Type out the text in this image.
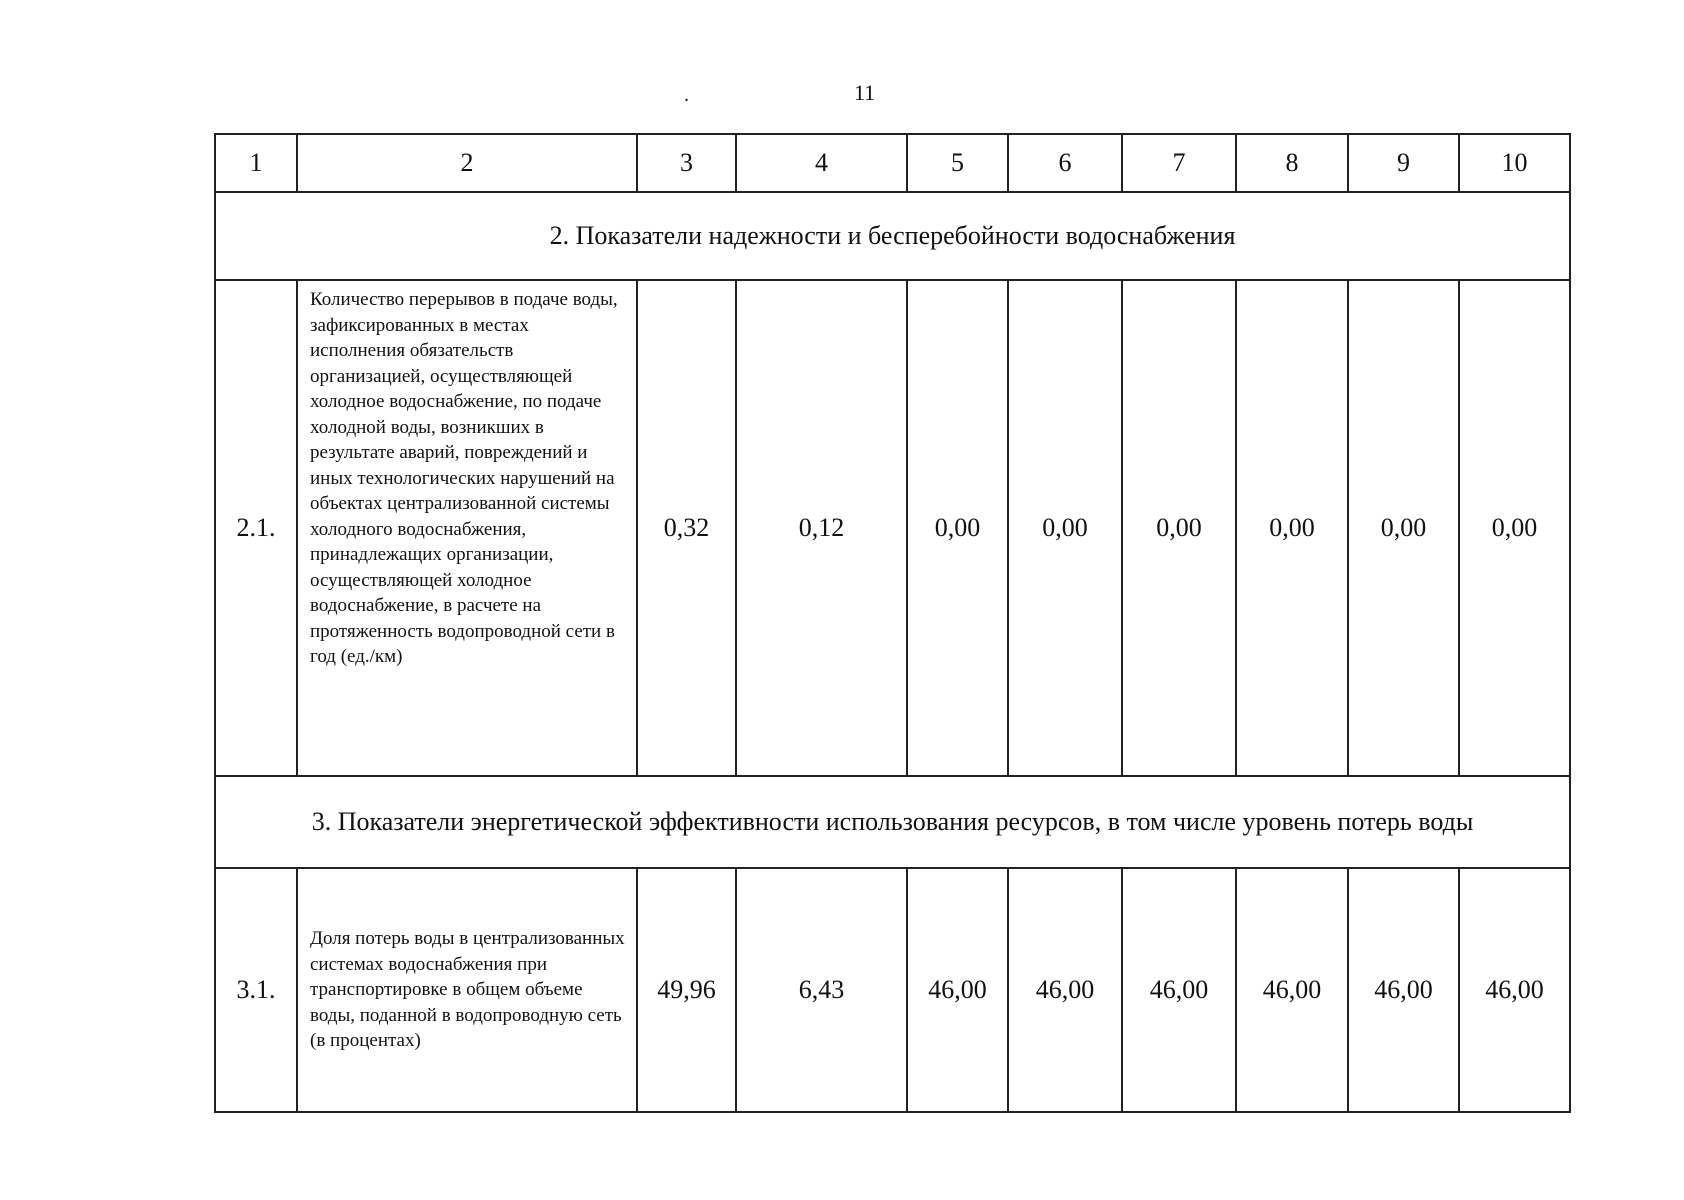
.	11
1	2	3	4	5	6	7	8	9	10
2. Показатели надежности и бесперебойности водоснабжения									
2.1.	Количество перерывов в подаче воды, зафиксированных в местах исполнения обязательств организацией, осуществляющей холодное водоснабжение, по подаче холодной воды, возникших в результате аварий, повреждений и иных технологических нарушений на объектах централизованной системы холодного водоснабжения, принадлежащих организации, осуществляющей холодное водоснабжение, в расчете на протяженность водопроводной сети в год (ед./км)	0,32	0,12	0,00	0,00	0,00	0,00	0,00	0,00
3. Показатели энергетической эффективности использования ресурсов, в том числе уровень потерь воды									
3.1.	Доля потерь воды в централизованных системах водоснабжения при транспортировке в общем объеме воды, поданной в водопроводную сеть (в процентах)	49,96	6,43	46,00	46,00	46,00	46,00	46,00	46,00
